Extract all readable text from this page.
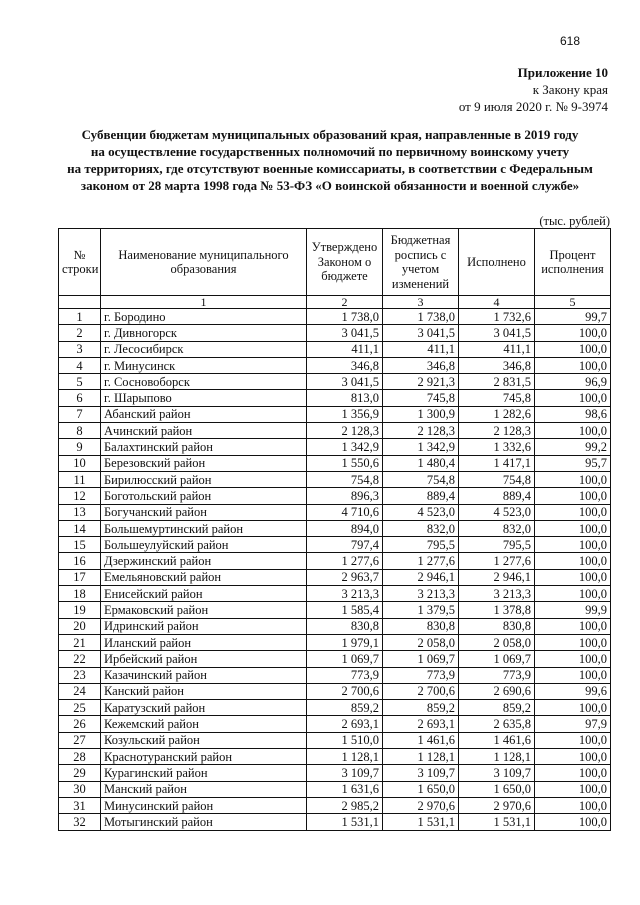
618
Приложение 10
к Закону края
от 9 июля 2020 г. № 9-3974
Субвенции бюджетам муниципальных образований края, направленные в 2019 году
на осуществление государственных полномочий по первичному воинскому учету
на территориях, где отсутствуют военные комиссариаты, в соответствии с Федеральным
законом от 28 марта 1998 года № 53-ФЗ «О воинской обязанности и военной службе»
(тыс. рублей)
№ строки	Наименование муниципального образования	Утверждено Законом о бюджете	Бюджетная роспись с учетом изменений	Исполнено	Процент исполнения
	1	2	3	4	5
1	г. Бородино	1 738,0	1 738,0	1 732,6	99,7
2	г. Дивногорск	3 041,5	3 041,5	3 041,5	100,0
3	г. Лесосибирск	411,1	411,1	411,1	100,0
4	г. Минусинск	346,8	346,8	346,8	100,0
5	г. Сосновоборск	3 041,5	2 921,3	2 831,5	96,9
6	г. Шарыпово	813,0	745,8	745,8	100,0
7	Абанский район	1 356,9	1 300,9	1 282,6	98,6
8	Ачинский район	2 128,3	2 128,3	2 128,3	100,0
9	Балахтинский район	1 342,9	1 342,9	1 332,6	99,2
10	Березовский район	1 550,6	1 480,4	1 417,1	95,7
11	Бирилюсский район	754,8	754,8	754,8	100,0
12	Боготольский район	896,3	889,4	889,4	100,0
13	Богучанский район	4 710,6	4 523,0	4 523,0	100,0
14	Большемуртинский район	894,0	832,0	832,0	100,0
15	Большеулуйский район	797,4	795,5	795,5	100,0
16	Дзержинский район	1 277,6	1 277,6	1 277,6	100,0
17	Емельяновский район	2 963,7	2 946,1	2 946,1	100,0
18	Енисейский район	3 213,3	3 213,3	3 213,3	100,0
19	Ермаковский район	1 585,4	1 379,5	1 378,8	99,9
20	Идринский район	830,8	830,8	830,8	100,0
21	Иланский район	1 979,1	2 058,0	2 058,0	100,0
22	Ирбейский район	1 069,7	1 069,7	1 069,7	100,0
23	Казачинский район	773,9	773,9	773,9	100,0
24	Канский район	2 700,6	2 700,6	2 690,6	99,6
25	Каратузский район	859,2	859,2	859,2	100,0
26	Кежемский район	2 693,1	2 693,1	2 635,8	97,9
27	Козульский район	1 510,0	1 461,6	1 461,6	100,0
28	Краснотуранский район	1 128,1	1 128,1	1 128,1	100,0
29	Курагинский район	3 109,7	3 109,7	3 109,7	100,0
30	Манский район	1 631,6	1 650,0	1 650,0	100,0
31	Минусинский район	2 985,2	2 970,6	2 970,6	100,0
32	Мотыгинский район	1 531,1	1 531,1	1 531,1	100,0
